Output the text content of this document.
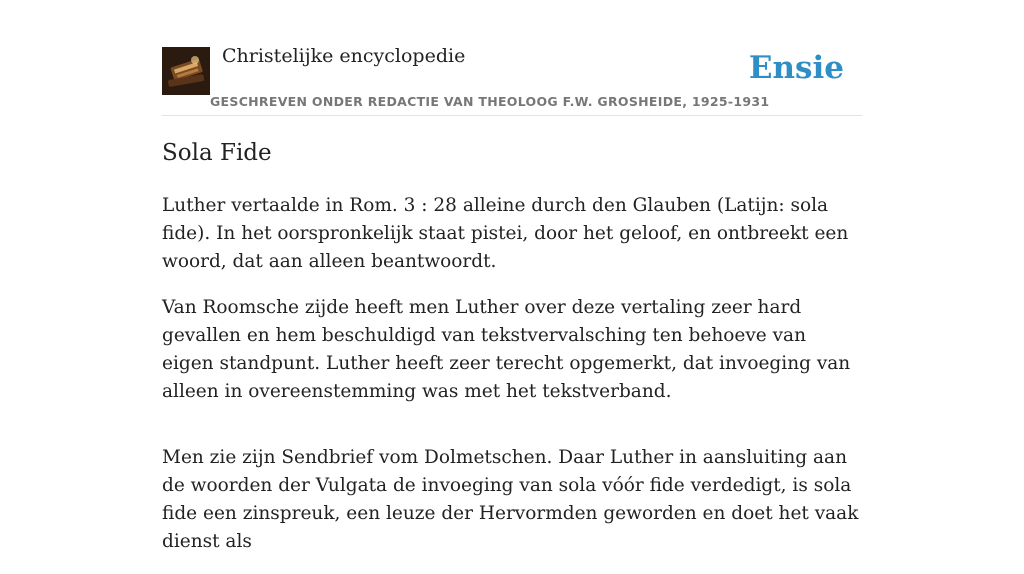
Christelijke encyclopedie
GESCHREVEN ONDER REDACTIE VAN THEOLOOG F.W. GROSHEIDE, 1925-1931
Ensie
Sola Fide

Luther vertaalde in Rom. 3 : 28 alleine durch den Glauben (Latijn: sola fide). In het oorspronkelijk staat pistei, door het geloof, en ontbreekt een woord, dat aan alleen beantwoordt.

Van Roomsche zijde heeft men Luther over deze vertaling zeer hard gevallen en hem beschuldigd van tekstvervalsching ten behoeve van eigen standpunt. Luther heeft zeer terecht opgemerkt, dat invoeging van alleen in overeenstemming was met het tekstverband.

Men zie zijn Sendbrief vom Dolmetschen. Daar Luther in aansluiting aan de woorden der Vulgata de invoeging van sola vóór fide verdedigt, is sola fide een zinspreuk, een leuze der Hervormden geworden en doet het vaak dienst als
